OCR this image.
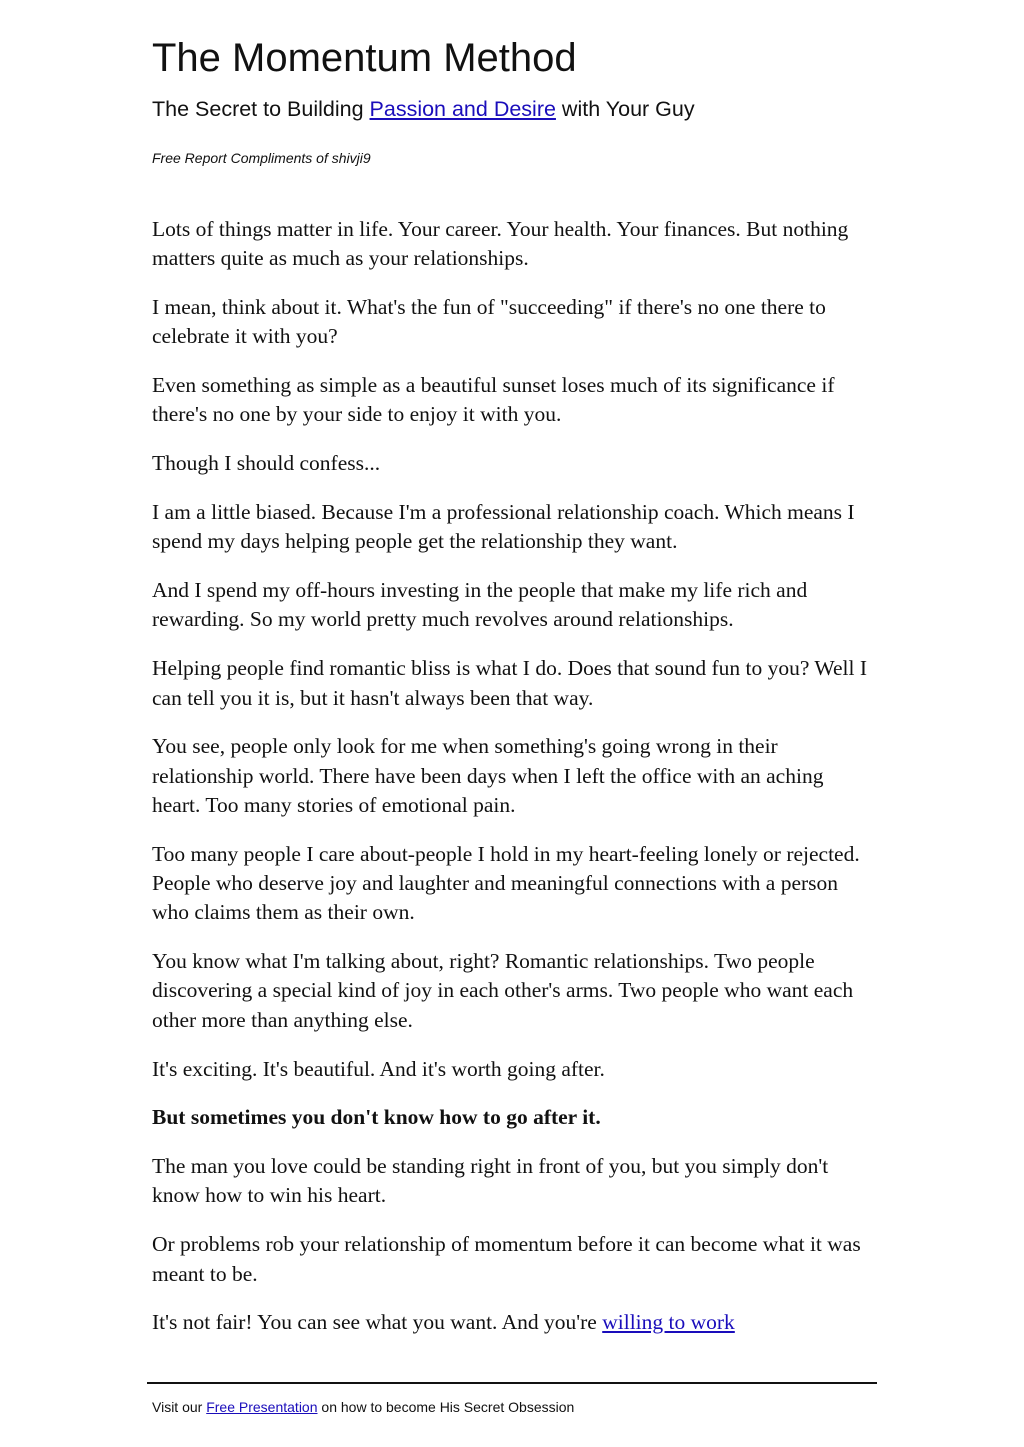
The Momentum Method

The Secret to Building Passion and Desire with Your Guy

Free Report Compliments of shivji9

Lots of things matter in life. Your career. Your health. Your finances. But nothing matters quite as much as your relationships.

I mean, think about it. What's the fun of "succeeding" if there's no one there to celebrate it with you?

Even something as simple as a beautiful sunset loses much of its significance if there's no one by your side to enjoy it with you.

Though I should confess...

I am a little biased. Because I'm a professional relationship coach. Which means I spend my days helping people get the relationship they want.

And I spend my off-hours investing in the people that make my life rich and rewarding. So my world pretty much revolves around relationships.

Helping people find romantic bliss is what I do. Does that sound fun to you? Well I can tell you it is, but it hasn't always been that way.

You see, people only look for me when something's going wrong in their relationship world. There have been days when I left the office with an aching heart. Too many stories of emotional pain.

Too many people I care about-people I hold in my heart-feeling lonely or rejected. People who deserve joy and laughter and meaningful connections with a person who claims them as their own.

You know what I'm talking about, right? Romantic relationships. Two people discovering a special kind of joy in each other's arms. Two people who want each other more than anything else.

It's exciting. It's beautiful. And it's worth going after.

But sometimes you don't know how to go after it.

The man you love could be standing right in front of you, but you simply don't know how to win his heart.

Or problems rob your relationship of momentum before it can become what it was meant to be.

It's not fair! You can see what you want. And you're willing to work

Visit our Free Presentation on how to become His Secret Obsession
